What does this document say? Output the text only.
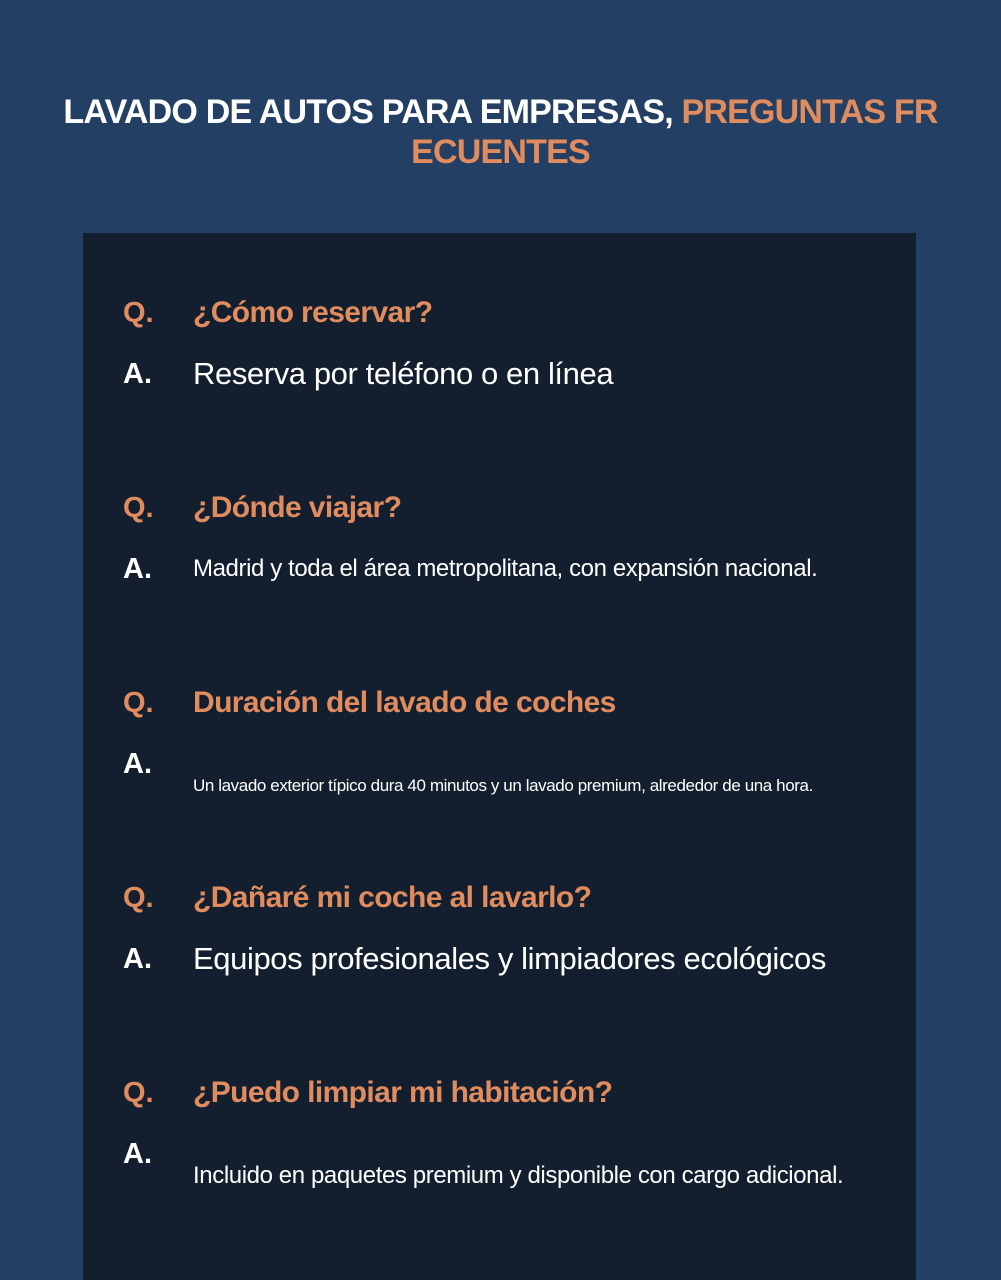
LAVADO DE AUTOS PARA EMPRESAS, PREGUNTAS FR ECUENTES
Q.	¿Cómo reservar?
A.	Reserva por teléfono o en línea
Q.	¿Dónde viajar?
A.	Madrid y toda el área metropolitana, con expansión nacional.
Q.	Duración del lavado de coches
A.
Un lavado exterior típico dura 40 minutos y un lavado premium, alrededor de una hora.
Q.	¿Dañaré mi coche al lavarlo?
A.	Equipos profesionales y limpiadores ecológicos
Q.	¿Puedo limpiar mi habitación?
A.
Incluido en paquetes premium y disponible con cargo adicional.
